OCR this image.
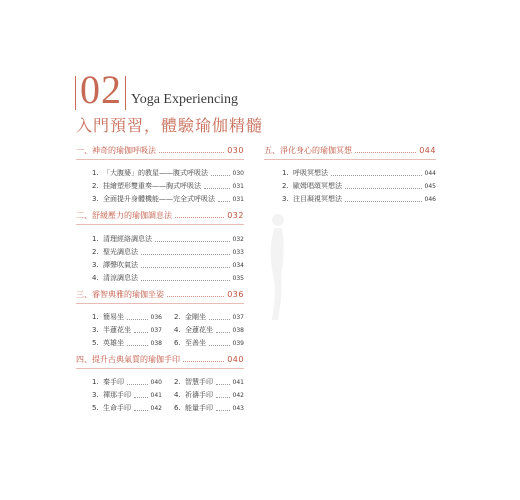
02 Yoga Experiencing
入門預習，體驗瑜伽精髓
一、神奇的瑜伽呼吸法	030
1. 「大腹婆」的教星——腹式呼吸法	030
2. 挂繪塑形雙重奏——胸式呼吸法	031
3. 全面提升身體機能——完全式呼吸法	031
二、舒緩壓力的瑜伽調息法	032
1. 清理經絡調息法	032
2. 聖光調息法	033
3. 譯聲吹氣法	034
4. 清涼調息法	035
三、睿智典雅的瑜伽坐姿	036
1. 簡易坐	036 2. 金剛坐	037
3. 半蓮花坐	037 4. 全蓮花坐	038
5. 英雄坐	038 6. 至善坐	039
四、提升古典氣質的瑜伽手印	040
1. 秦手印	040 2. 智慧手印	041
3. 禪那手印	041 4. 祈禱手印	042
5. 生命手印	042 6. 能量手印	043
五、淨化身心的瑜伽冥想	044
1. 呼吸冥想法	044
2. 歐姆唱頌冥想法	045
3. 注目凝視冥想法	046
